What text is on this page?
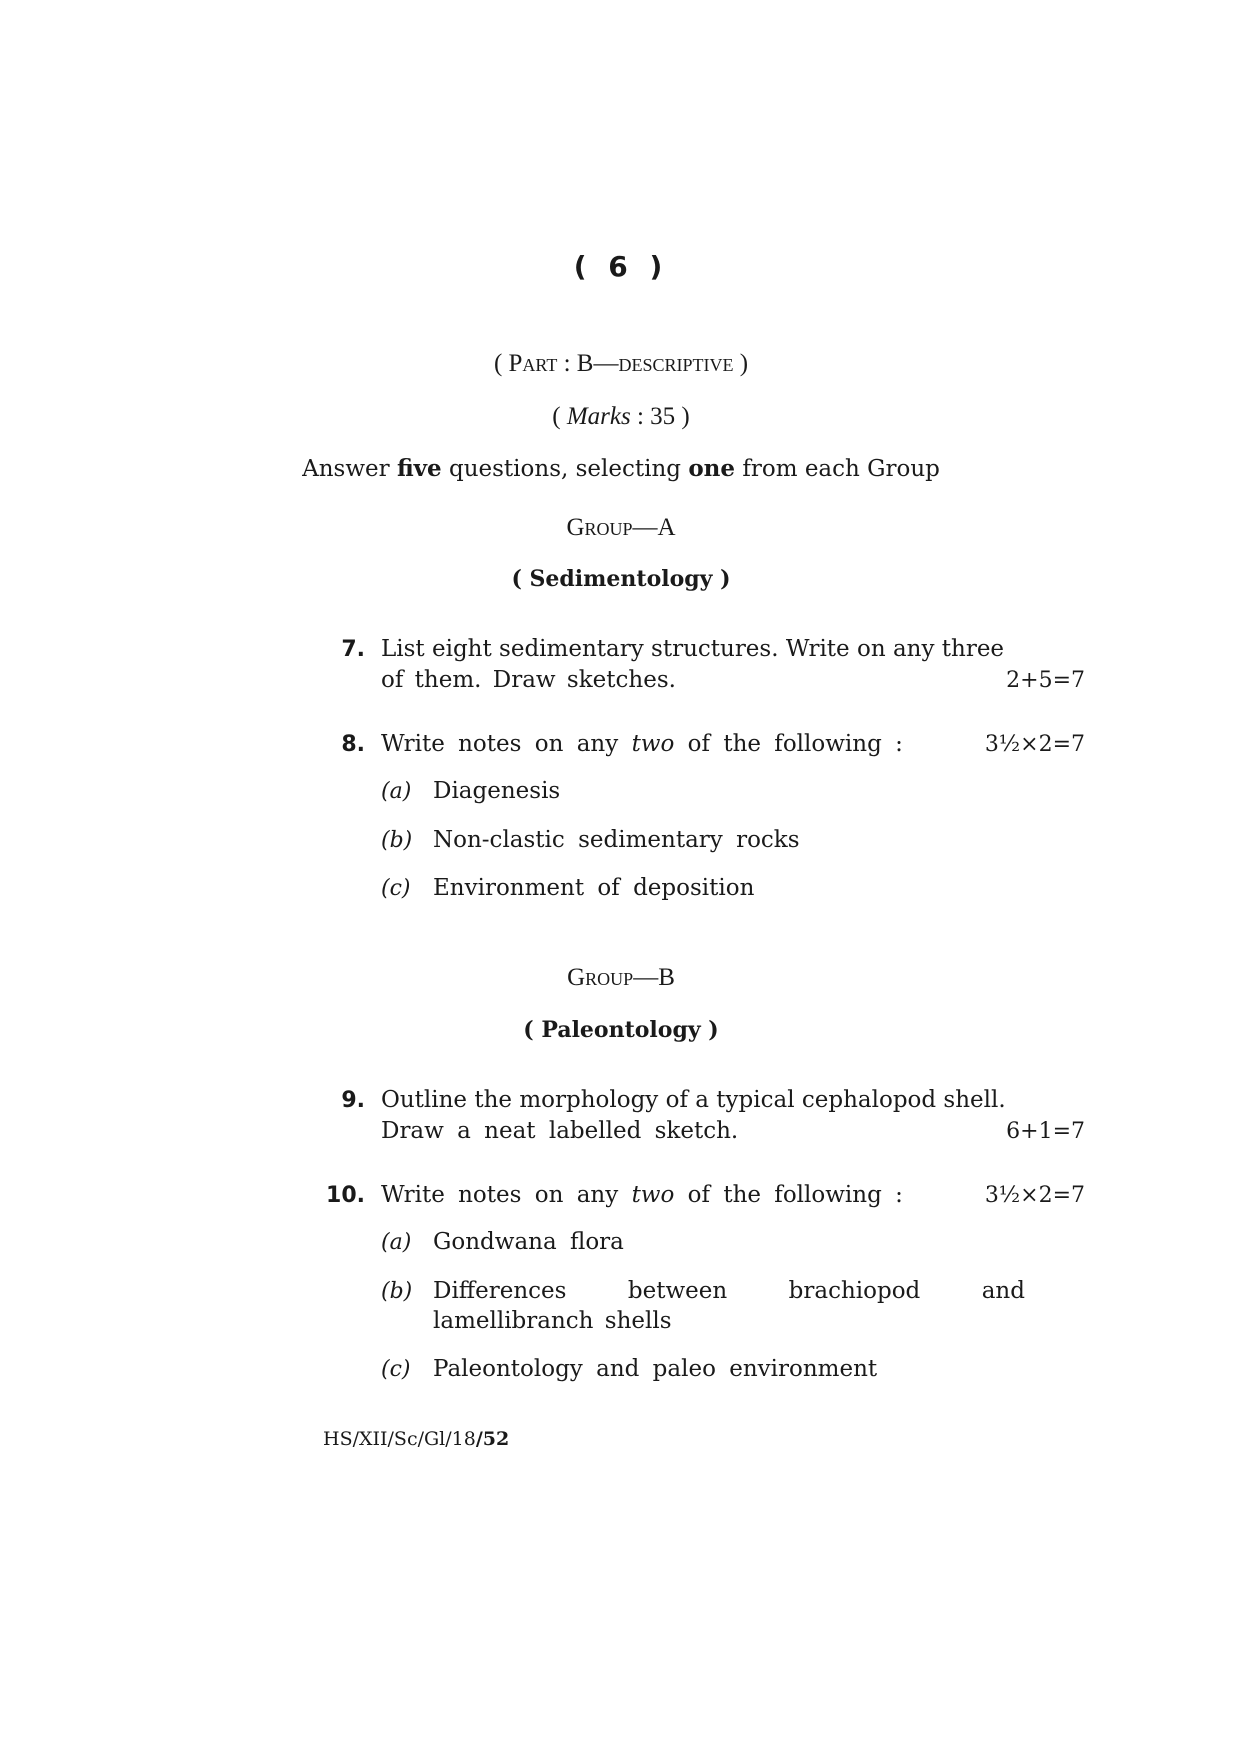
( 6 )
( Part : B—descriptive )
( Marks : 35 )
Answer five questions, selecting one from each Group
Group—A
( Sedimentology )
7. List eight sedimentary structures. Write on any three
of them. Draw sketches.	2+5=7
8. Write notes on any two of the following :	3½×2=7
(a) Diagenesis
(b) Non-clastic sedimentary rocks
(c) Environment of deposition
Group—B
( Paleontology )
9. Outline the morphology of a typical cephalopod shell.
Draw a neat labelled sketch.	6+1=7
10. Write notes on any two of the following :	3½×2=7
(a) Gondwana flora
(b) Differences	between	brachiopod	and
lamellibranch shells
(c) Paleontology and paleo environment
HS/XII/Sc/Gl/18/52
